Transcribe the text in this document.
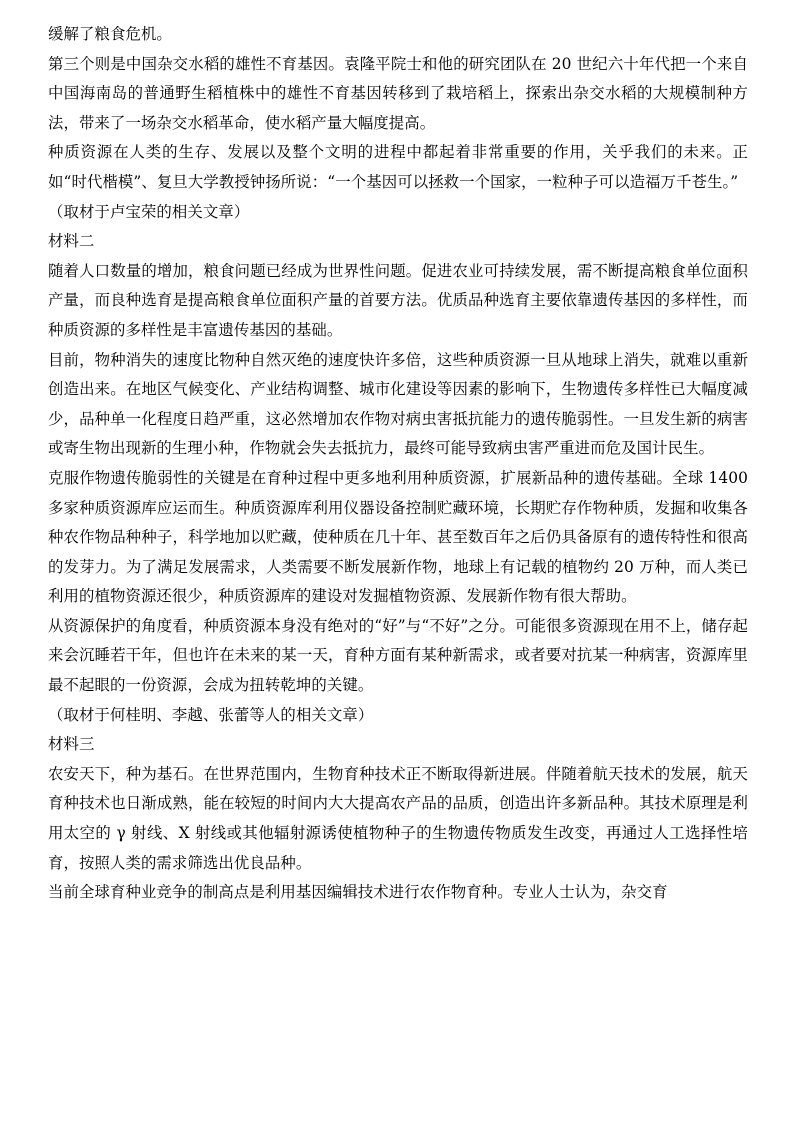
缓解了粮食危机。

第三个则是中国杂交水稻的雄性不育基因。袁隆平院士和他的研究团队在 20 世纪六十年代把一个来自中国海南岛的普通野生稻植株中的雄性不育基因转移到了栽培稻上，探索出杂交水稻的大规模制种方法，带来了一场杂交水稻革命，使水稻产量大幅度提高。

种质资源在人类的生存、发展以及整个文明的进程中都起着非常重要的作用，关乎我们的未来。正如“时代楷模”、复旦大学教授钟扬所说：“一个基因可以拯救一个国家，一粒种子可以造福万千苍生。”

（取材于卢宝荣的相关文章）

材料二

随着人口数量的增加，粮食问题已经成为世界性问题。促进农业可持续发展，需不断提高粮食单位面积产量，而良种选育是提高粮食单位面积产量的首要方法。优质品种选育主要依靠遗传基因的多样性，而种质资源的多样性是丰富遗传基因的基础。

目前，物种消失的速度比物种自然灭绝的速度快许多倍，这些种质资源一旦从地球上消失，就难以重新创造出来。在地区气候变化、产业结构调整、城市化建设等因素的影响下，生物遗传多样性已大幅度减少，品种单一化程度日趋严重，这必然增加农作物对病虫害抵抗能力的遗传脆弱性。一旦发生新的病害或寄生物出现新的生理小种，作物就会失去抵抗力，最终可能导致病虫害严重进而危及国计民生。

克服作物遗传脆弱性的关键是在育种过程中更多地利用种质资源，扩展新品种的遗传基础。全球 1400 多家种质资源库应运而生。种质资源库利用仪器设备控制贮藏环境，长期贮存作物种质，发掘和收集各种农作物品种种子，科学地加以贮藏，使种质在几十年、甚至数百年之后仍具备原有的遗传特性和很高的发芽力。为了满足发展需求，人类需要不断发展新作物，地球上有记载的植物约 20 万种，而人类已利用的植物资源还很少，种质资源库的建设对发掘植物资源、发展新作物有很大帮助。

从资源保护的角度看，种质资源本身没有绝对的“好”与“不好”之分。可能很多资源现在用不上，储存起来会沉睡若干年，但也许在未来的某一天，育种方面有某种新需求，或者要对抗某一种病害，资源库里最不起眼的一份资源，会成为扭转乾坤的关键。

（取材于何桂明、李越、张蕾等人的相关文章）

材料三

农安天下，种为基石。在世界范围内，生物育种技术正不断取得新进展。伴随着航天技术的发展，航天育种技术也日渐成熟，能在较短的时间内大大提高农产品的品质，创造出许多新品种。其技术原理是利用太空的 γ 射线、X 射线或其他辐射源诱使植物种子的生物遗传物质发生改变，再通过人工选择性培育，按照人类的需求筛选出优良品种。

当前全球育种业竞争的制高点是利用基因编辑技术进行农作物育种。专业人士认为，杂交育
